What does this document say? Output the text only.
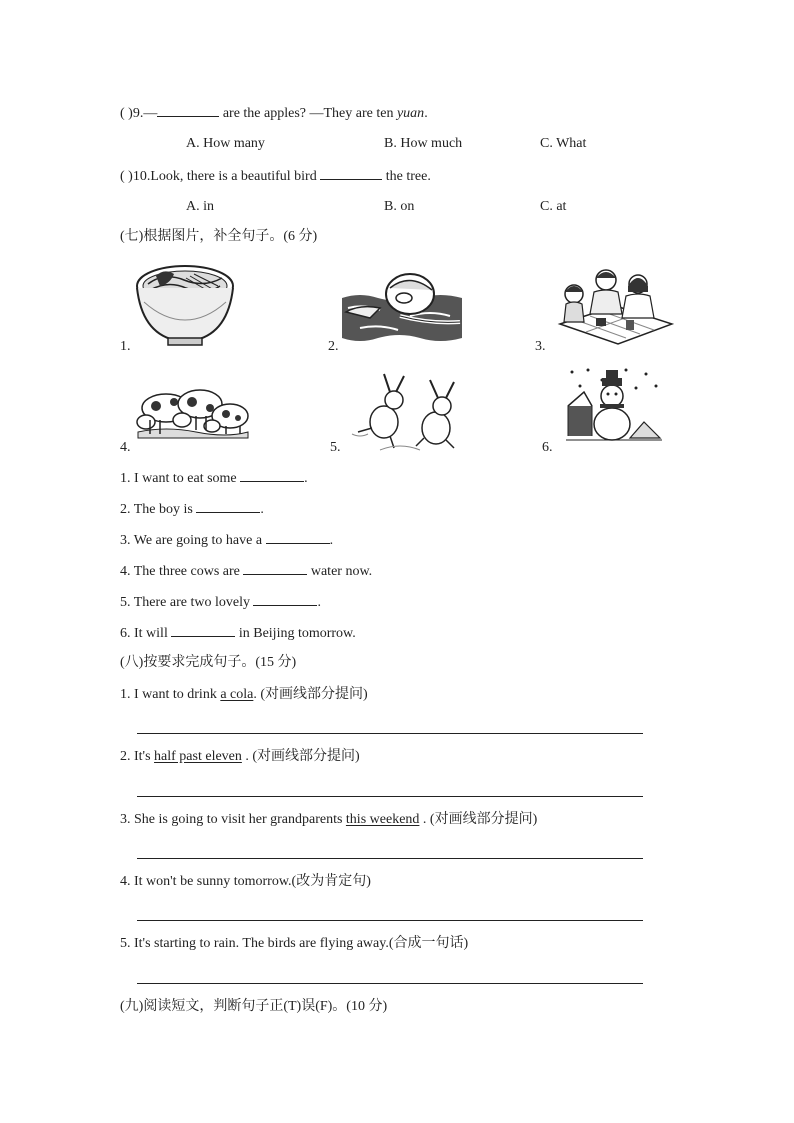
( )9.—	are the apples? —They are ten yuan.
A. How many	B. How much	C. What
( )10.Look, there is a beautiful bird	the tree.
A. in	B. on	C. at
(七)根据图片，补全句子。(6 分)
1.	2.	3.
4.	5.	6.
1. I want to eat some	.
2. The boy is	.
3. We are going to have a	.
4. The three cows are	water now.
5. There are two lovely	.
6. It will	in Beijing tomorrow.
(八)按要求完成句子。(15 分)
1. I want to drink a cola. (对画线部分提问)
2. It's half past eleven . (对画线部分提问)
3. She is going to visit her grandparents this weekend . (对画线部分提问)
4. It won't be sunny tomorrow.(改为肯定句)
5. It's starting to rain. The birds are flying away.(合成一句话)
(九)阅读短文，判断句子正(T)误(F)。(10 分)
